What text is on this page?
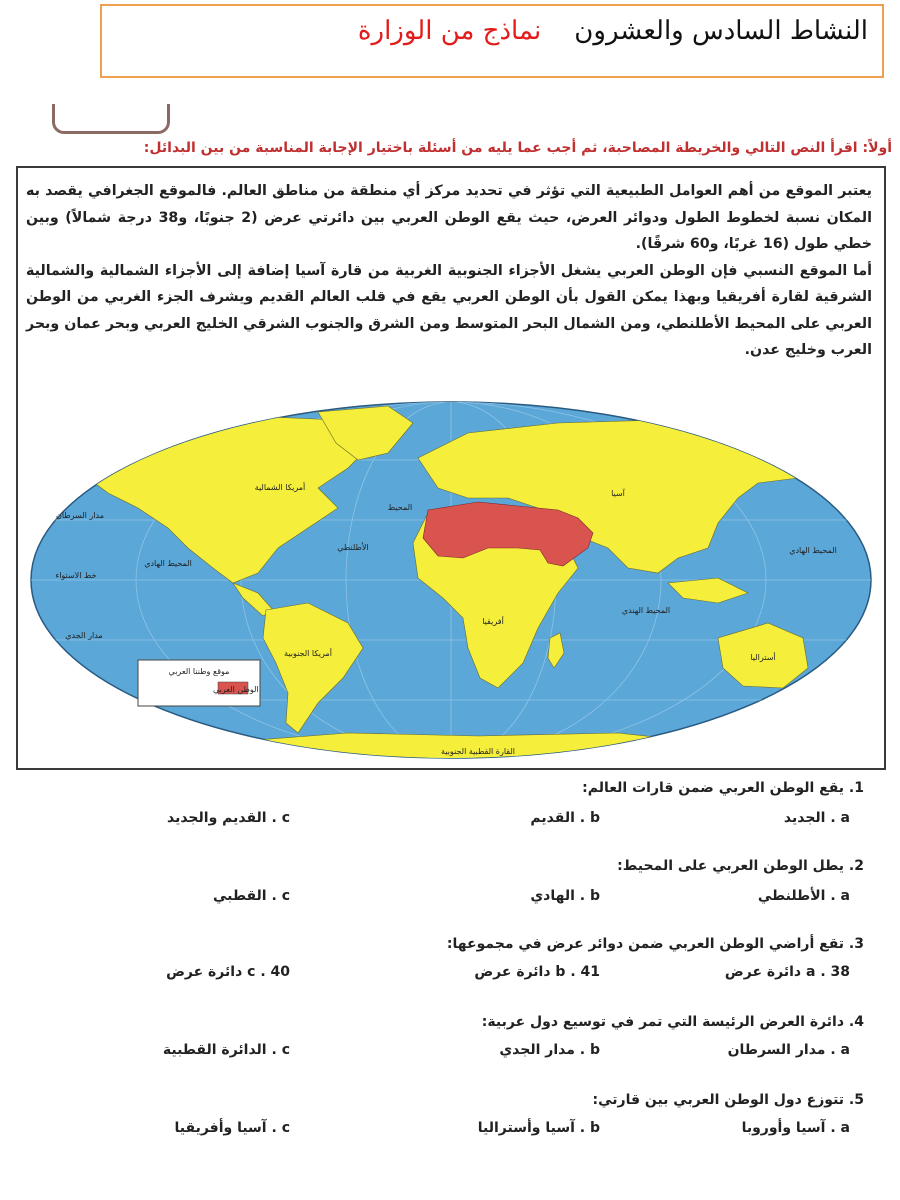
النشاط السادس والعشرون    نماذج من الوزارة
أولاً: اقرأ النص التالي والخريطة المصاحبة، ثم أجب عما يليه من أسئلة باختيار الإجابة المناسبة من بين البدائل:

يعتبر الموقع من أهم العوامل الطبيعية التي تؤثر في تحديد مركز أي منطقة من مناطق العالم. فالموقع الجغرافي يقصد به المكان نسبة لخطوط الطول ودوائر العرض، حيث يقع الوطن العربي بين دائرتي عرض (2 جنوبًا، و38 درجة شمالاً) وبين خطي طول (16 غربًا، و60 شرقًا).

أما الموقع النسبي فإن الوطن العربي يشغل الأجزاء الجنوبية الغربية من قارة آسيا إضافة إلى الأجزاء الشمالية والشمالية الشرقية لقارة أفريقيا وبهذا يمكن القول بأن الوطن العربي يقع في قلب العالم القديم ويشرف الجزء الغربي من الوطن العربي على المحيط الأطلنطي، ومن الشمال البحر المتوسط ومن الشرق والجنوب الشرقي الخليج العربي وبحر عمان وبحر العرب وخليج عدن.

أمريكا الشمالية
أمريكا الجنوبية
أفريقيا
آسيا
أستراليا
القارة القطبية الجنوبية
المحيط
الأطلنطي
المحيط الهادي
المحيط الهادي
المحيط الهندي
مدار السرطان
خط الاستواء
مدار الجدي
موقع وطننا العربي
الوطن العربي
1. يقع الوطن العربي ضمن قارات العالم:
a . الجديد
b . القديم
c . القديم والجديد
2. يطل الوطن العربي على المحيط:
a . الأطلنطي
b . الهادي
c . القطبي
3. تقع أراضي الوطن العربي ضمن دوائر عرض في مجموعها:
a . 38 دائرة عرض
b . 41 دائرة عرض
c . 40 دائرة عرض
4. دائرة العرض الرئيسة التي تمر في توسيع دول عربية:
a . مدار السرطان
b . مدار الجدي
c . الدائرة القطبية
5. تتوزع دول الوطن العربي بين قارتي:
a . آسيا وأوروبا
b . آسيا وأستراليا
c . آسيا وأفريقيا
